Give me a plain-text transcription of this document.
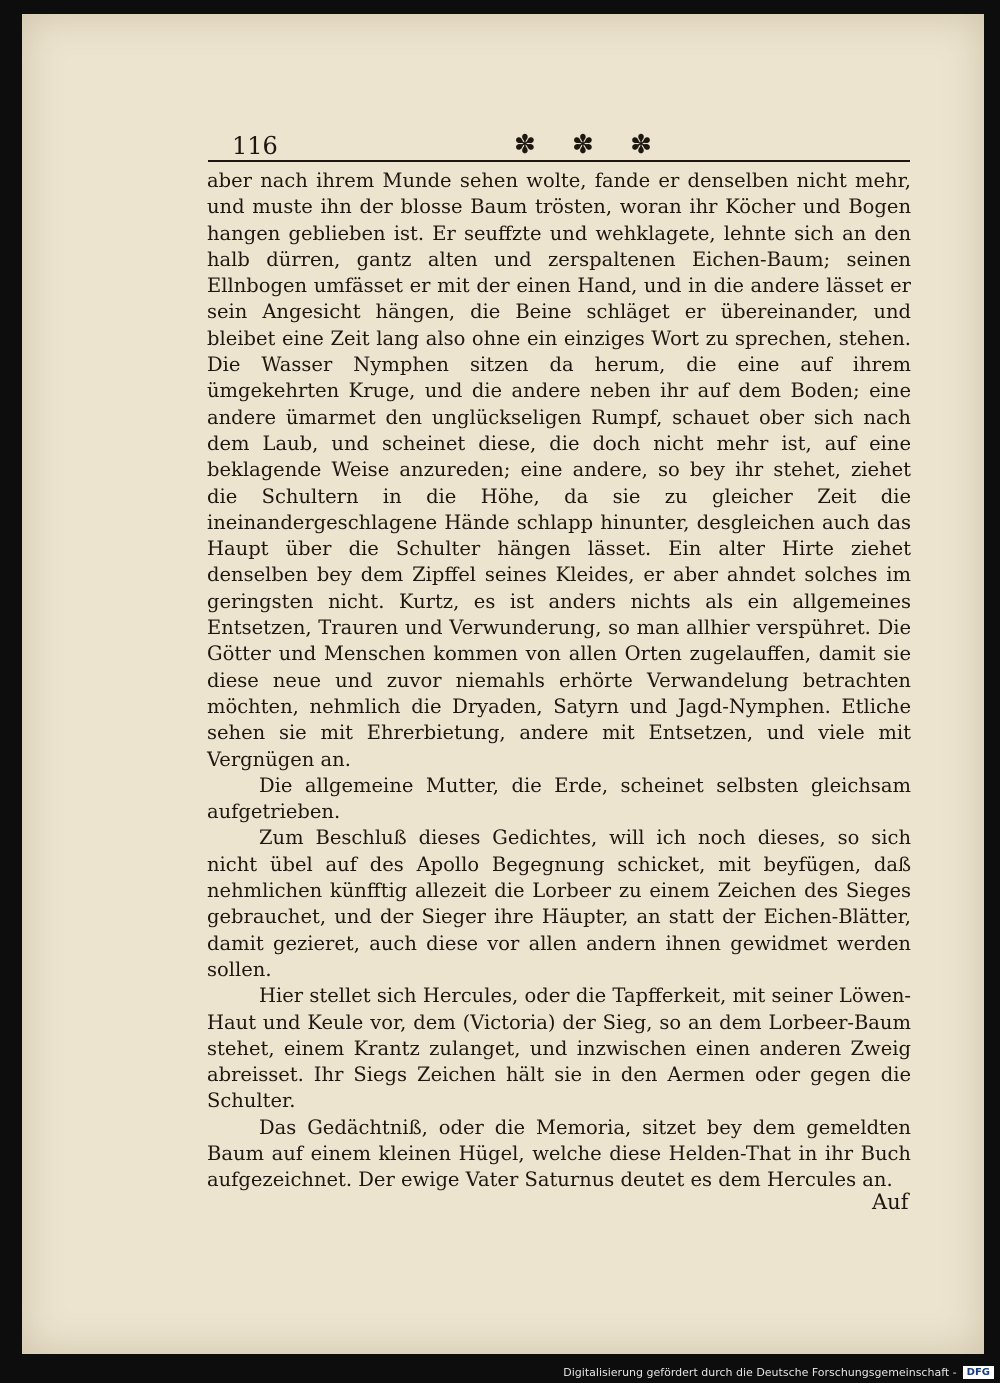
116	✽ ✽ ✽

aber nach ihrem Munde sehen wolte, fande er denselben nicht mehr, und muste ihn der blosse Baum trösten, woran ihr Köcher und Bogen hangen geblieben ist. Er seuffzte und wehklagete, lehnte sich an den halb dürren, gantz alten und zerspaltenen Eichen-Baum; seinen Ellnbogen umfässet er mit der einen Hand, und in die andere lässet er sein Angesicht hängen, die Beine schläget er übereinander, und bleibet eine Zeit lang also ohne ein einziges Wort zu sprechen, stehen. Die Wasser Nymphen sitzen da herum, die eine auf ihrem ümgekehrten Kruge, und die andere neben ihr auf dem Boden; eine andere ümarmet den unglückseligen Rumpf, schauet ober sich nach dem Laub, und scheinet diese, die doch nicht mehr ist, auf eine beklagende Weise anzureden; eine andere, so bey ihr stehet, ziehet die Schultern in die Höhe, da sie zu gleicher Zeit die ineinandergeschlagene Hände schlapp hinunter, desgleichen auch das Haupt über die Schulter hängen lässet. Ein alter Hirte ziehet denselben bey dem Zipffel seines Kleides, er aber ahndet solches im geringsten nicht. Kurtz, es ist anders nichts als ein allgemeines Entsetzen, Trauren und Verwunderung, so man allhier verspühret. Die Götter und Menschen kommen von allen Orten zugelauffen, damit sie diese neue und zuvor niemahls erhörte Verwandelung betrachten möchten, nehmlich die Dryaden, Satyrn und Jagd-Nymphen. Etliche sehen sie mit Ehrerbietung, andere mit Entsetzen, und viele mit Vergnügen an.

Die allgemeine Mutter, die Erde, scheinet selbsten gleichsam aufgetrieben.

Zum Beschluß dieses Gedichtes, will ich noch dieses, so sich nicht übel auf des Apollo Begegnung schicket, mit beyfügen, daß nehmlichen künfftig allezeit die Lorbeer zu einem Zeichen des Sieges gebrauchet, und der Sieger ihre Häupter, an statt der Eichen-Blätter, damit gezieret, auch diese vor allen andern ihnen gewidmet werden sollen.

Hier stellet sich Hercules, oder die Tapfferkeit, mit seiner Löwen-Haut und Keule vor, dem (Victoria) der Sieg, so an dem Lorbeer-Baum stehet, einem Krantz zulanget, und inzwischen einen anderen Zweig abreisset. Ihr Siegs Zeichen hält sie in den Aermen oder gegen die Schulter.

Das Gedächtniß, oder die Memoria, sitzet bey dem gemeldten Baum auf einem kleinen Hügel, welche diese Helden-That in ihr Buch aufgezeichnet. Der ewige Vater Saturnus deutet es dem Hercules an.

Auf
Digitalisierung gefördert durch die Deutsche Forschungsgemeinschaft -	DFG
